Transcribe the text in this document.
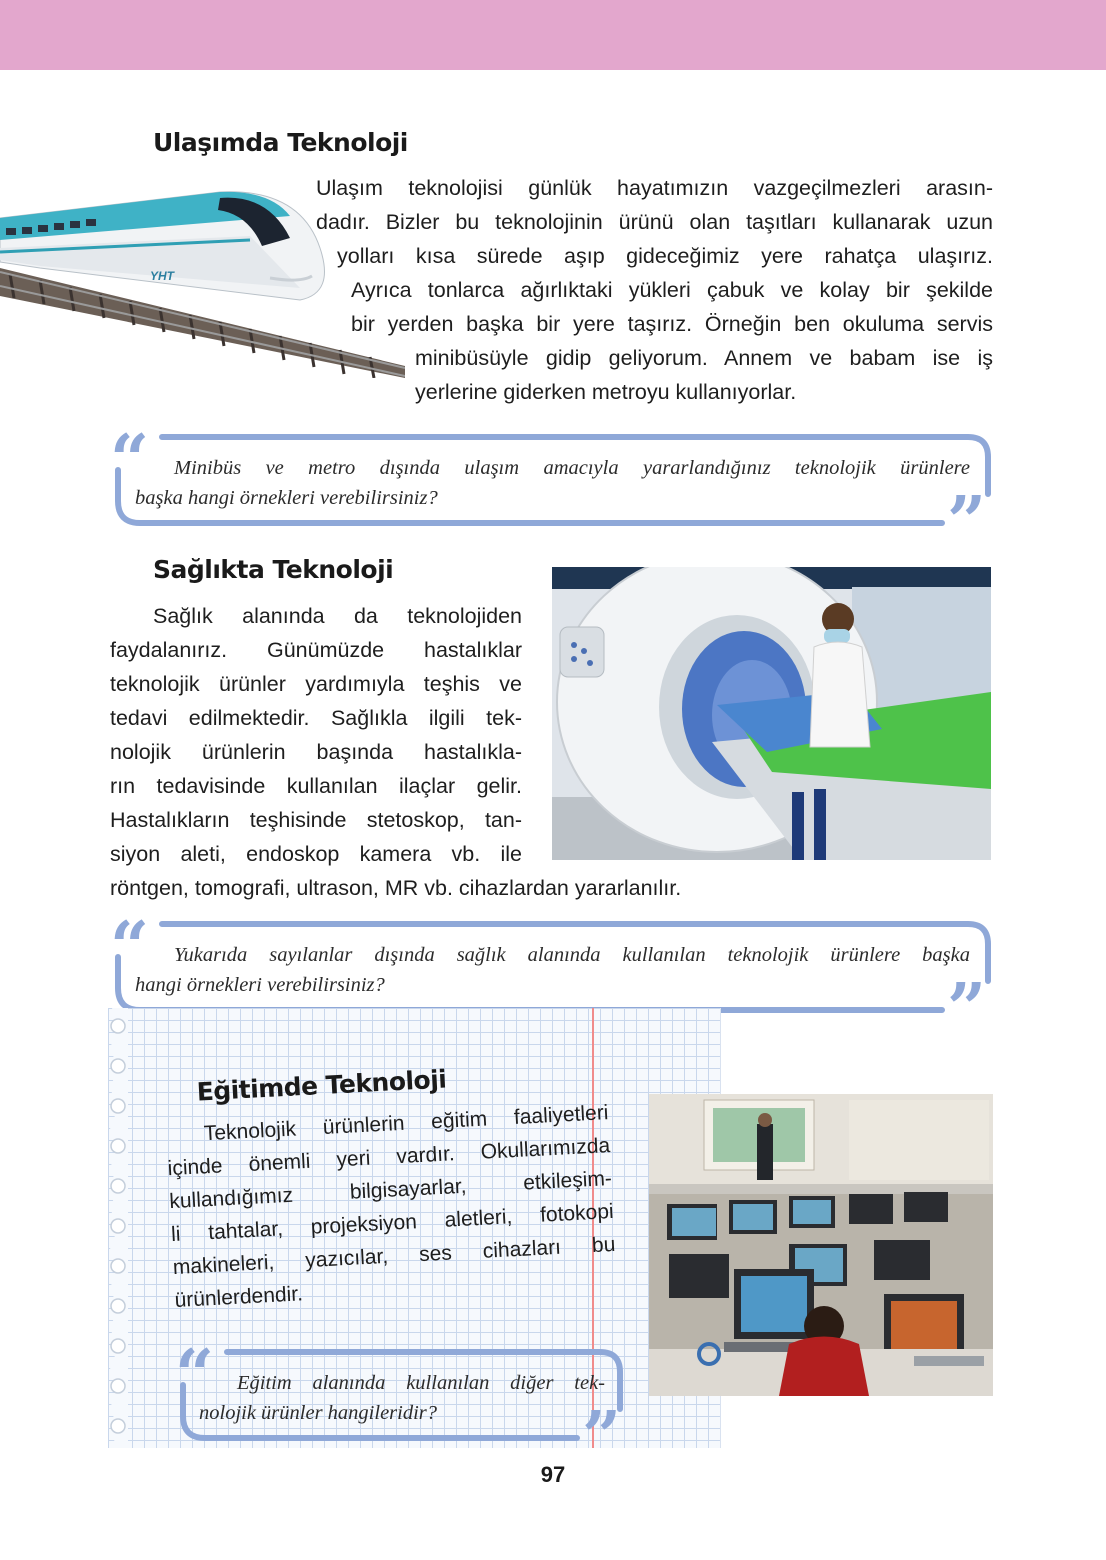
Ulaşımda Teknoloji
YHT
Ulaşım teknolojisi günlük hayatımızın vazgeçilmezleri arasın-
dadır. Bizler bu teknolojinin ürünü olan taşıtları kullanarak uzun
yolları kısa sürede aşıp gideceğimiz yere rahatça ulaşırız.
Ayrıca tonlarca ağırlıktaki yükleri çabuk ve kolay bir şekilde
bir yerden başka bir yere taşırız. Örneğin ben okuluma servis
minibüsüyle gidip geliyorum. Annem ve babam ise iş
yerlerine giderken metroyu kullanıyorlar.
“
”
Minibüs ve metro dışında ulaşım amacıyla yararlandığınız teknolojik ürünlere
başka hangi örnekleri verebilirsiniz?
Sağlıkta Teknoloji
Sağlık alanında da teknolojiden
faydalanırız. Günümüzde hastalıklar
teknolojik ürünler yardımıyla teşhis ve
tedavi edilmektedir. Sağlıkla ilgili tek-
nolojik ürünlerin başında hastalıkla-
rın tedavisinde kullanılan ilaçlar gelir.
Hastalıkların teşhisinde stetoskop, tan-
siyon aleti, endoskop kamera vb. ile
röntgen, tomografi, ultrason, MR vb. cihazlardan yararlanılır.
“
”
Yukarıda sayılanlar dışında sağlık alanında kullanılan teknolojik ürünlere başka
hangi örnekleri verebilirsiniz?
Eğitimde Teknoloji
Teknolojik ürünlerin eğitim faaliyetleri
içinde önemli yeri vardır. Okullarımızda
kullandığımız bilgisayarlar, etkileşim-
li tahtalar, projeksiyon aletleri, fotokopi
makineleri, yazıcılar, ses cihazları bu
ürünlerdendir.
“
”
Eğitim alanında kullanılan diğer tek-
nolojik ürünler hangileridir?
97
